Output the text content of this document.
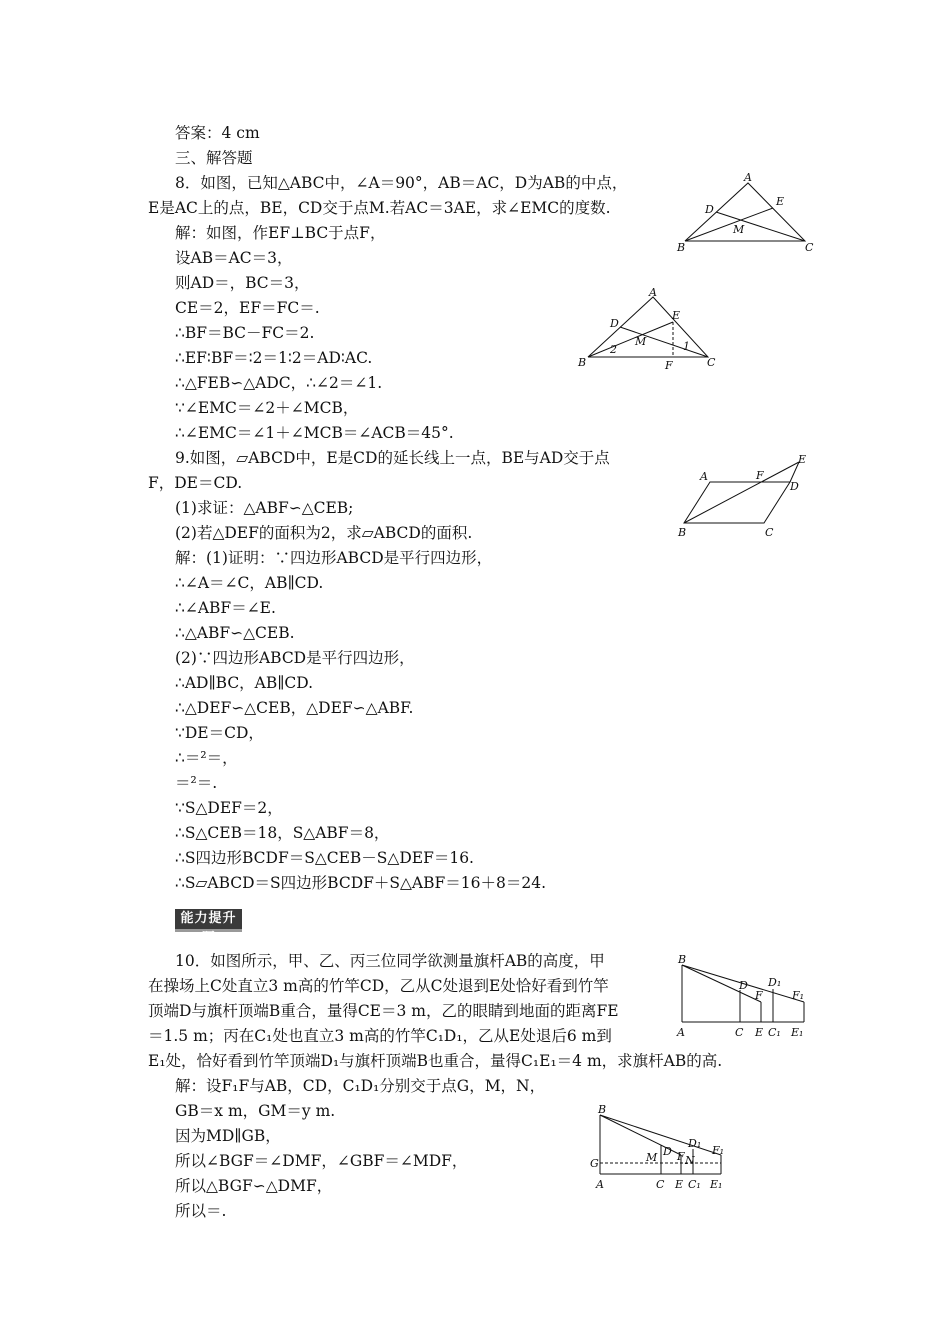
答案：4 cm
三、解答题
8．如图，已知△ABC中，∠A＝90°，AB＝AC，D为AB的中点，
E是AC上的点，BE，CD交于点M.若AC＝3AE，求∠EMC的度数.
解：如图，作EF⊥BC于点F，
设AB＝AC＝3，
则AD＝，BC＝3，
CE＝2，EF＝FC＝.
∴BF＝BC－FC＝2.
∴EF∶BF＝∶2＝1∶2＝AD∶AC.
∴△FEB∽△ADC，∴∠2＝∠1.
∵∠EMC＝∠2＋∠MCB，
∴∠EMC＝∠1＋∠MCB＝∠ACB＝45°.
9.如图，▱ABCD中，E是CD的延长线上一点，BE与AD交于点
F，DE＝CD.
(1)求证：△ABF∽△CEB;
(2)若△DEF的面积为2，求▱ABCD的面积.
解：(1)证明：∵四边形ABCD是平行四边形，
∴∠A＝∠C，AB∥CD.
∴∠ABF＝∠E.
∴△ABF∽△CEB.
(2)∵四边形ABCD是平行四边形，
∴AD∥BC，AB∥CD.
∴△DEF∽△CEB，△DEF∽△ABF.
∵DE＝CD，
∴＝²＝，
＝²＝.
∵S△DEF＝2，
∴S△CEB＝18，S△ABF＝8，
∴S四边形BCDF＝S△CEB－S△DEF＝16.
∴S▱ABCD＝S四边形BCDF＋S△ABF＝16＋8＝24.
10．如图所示，甲、乙、丙三位同学欲测量旗杆AB的高度，甲
在操场上C处直立3 m高的竹竿CD，乙从C处退到E处恰好看到竹竿
顶端D与旗杆顶端B重合，量得CE＝3 m，乙的眼睛到地面的距离FE
＝1.5 m；丙在C₁处也直立3 m高的竹竿C₁D₁，乙从E处退后6 m到
E₁处，恰好看到竹竿顶端D₁与旗杆顶端B也重合，量得C₁E₁＝4 m，求旗杆AB的高.
解：设F₁F与AB，CD，C₁D₁分别交于点G，M，N，
GB＝x m，GM＝y m.
因为MD∥GB，
所以∠BGF＝∠DMF，∠GBF＝∠MDF，
所以△BGF∽△DMF，
所以＝.
能力提升题
A
D
E
M
B	C
A
D
E
M
2	1
B	F	C
A	F
E
D
B	C
B
D D₁
F	F₁
A	C E C₁ E₁
B
D₁
F₁
M D F N
G
A	C E C₁ E₁
